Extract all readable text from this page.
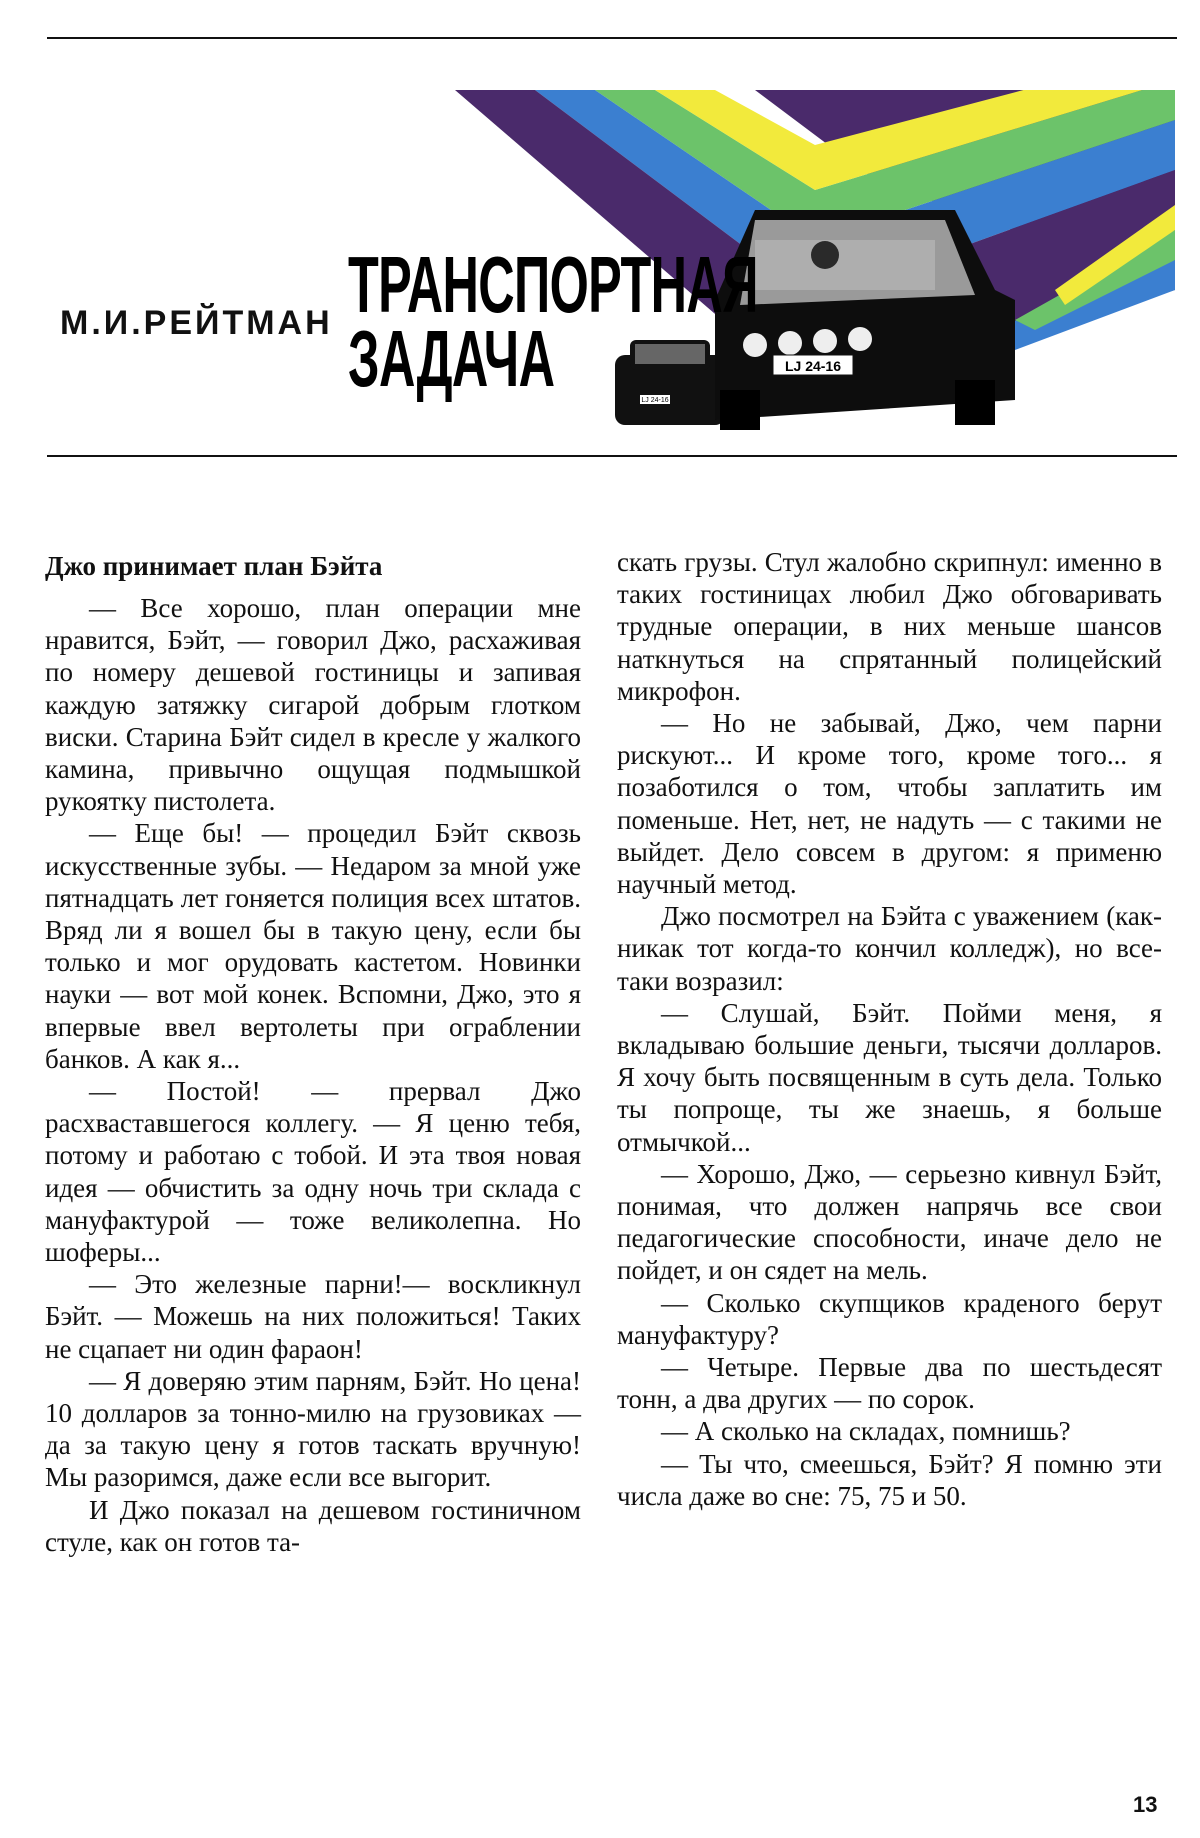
LJ 24-16
LJ 24-16
М.И.РЕЙТМАН ТРАНСПОРТНАЯ
ЗАДАЧА
Джо принимает план Бэйта

— Все хорошо, план операции мне нравится, Бэйт, — говорил Джо, расхаживая по номеру дешевой гостиницы и запивая каждую затяжку сигарой добрым глотком виски. Старина Бэйт сидел в кресле у жалкого камина, привычно ощущая подмышкой рукоятку пистолета.

— Еще бы! — процедил Бэйт сквозь искусственные зубы. — Недаром за мной уже пятнадцать лет гоняется полиция всех штатов. Вряд ли я вошел бы в такую цену, если бы только и мог орудовать кастетом. Новинки науки — вот мой конек. Вспомни, Джо, это я впервые ввел вертолеты при ограблении банков. А как я...

— Постой! — прервал Джо расхвастaвшегося коллегу. — Я ценю тебя, потому и работаю с тобой. И эта твоя новая идея — обчистить за одну ночь три склада с мануфактурой — тоже великолепна. Но шоферы...

— Это железные парни!— воскликнул Бэйт. — Можешь на них положиться! Таких не сцапает ни один фараон!

— Я доверяю этим парням, Бэйт. Но цена! 10 долларов за тонно-милю на грузовиках — да за такую цену я готов таскать вручную! Мы разоримся, даже если все выгорит.

И Джо показал на дешевом гостиничном стуле, как он готов та-

скать грузы. Стул жалобно скрипнул: именно в таких гостиницах любил Джо обговаривать трудные операции, в них меньше шансов наткнуться на спрятанный полицейский микрофон.

— Но не забывай, Джо, чем парни рискуют... И кроме того, кроме того... я позаботился о том, чтобы заплатить им поменьше. Нет, нет, не надуть — с такими не выйдет. Дело совсем в другом: я применю научный метод.

Джо посмотрел на Бэйта с уважением (как-никак тот когда-то кончил колледж), но все-таки возразил:

— Слушай, Бэйт. Пойми меня, я вкладываю большие деньги, тысячи долларов. Я хочу быть посвященным в суть дела. Только ты попроще, ты же знаешь, я больше отмычкой...

— Хорошо, Джо, — серьезно кивнул Бэйт, понимая, что должен напрячь все свои педагогические способности, иначе дело не пойдет, и он сядет на мель.

— Сколько скупщиков краденого берут мануфактуру?

— Четыре. Первые два по шестьдесят тонн, а два других — по сорок.

— А сколько на складах, помнишь?

— Ты что, смеешься, Бэйт? Я помню эти числа даже во сне: 75, 75 и 50.

13
